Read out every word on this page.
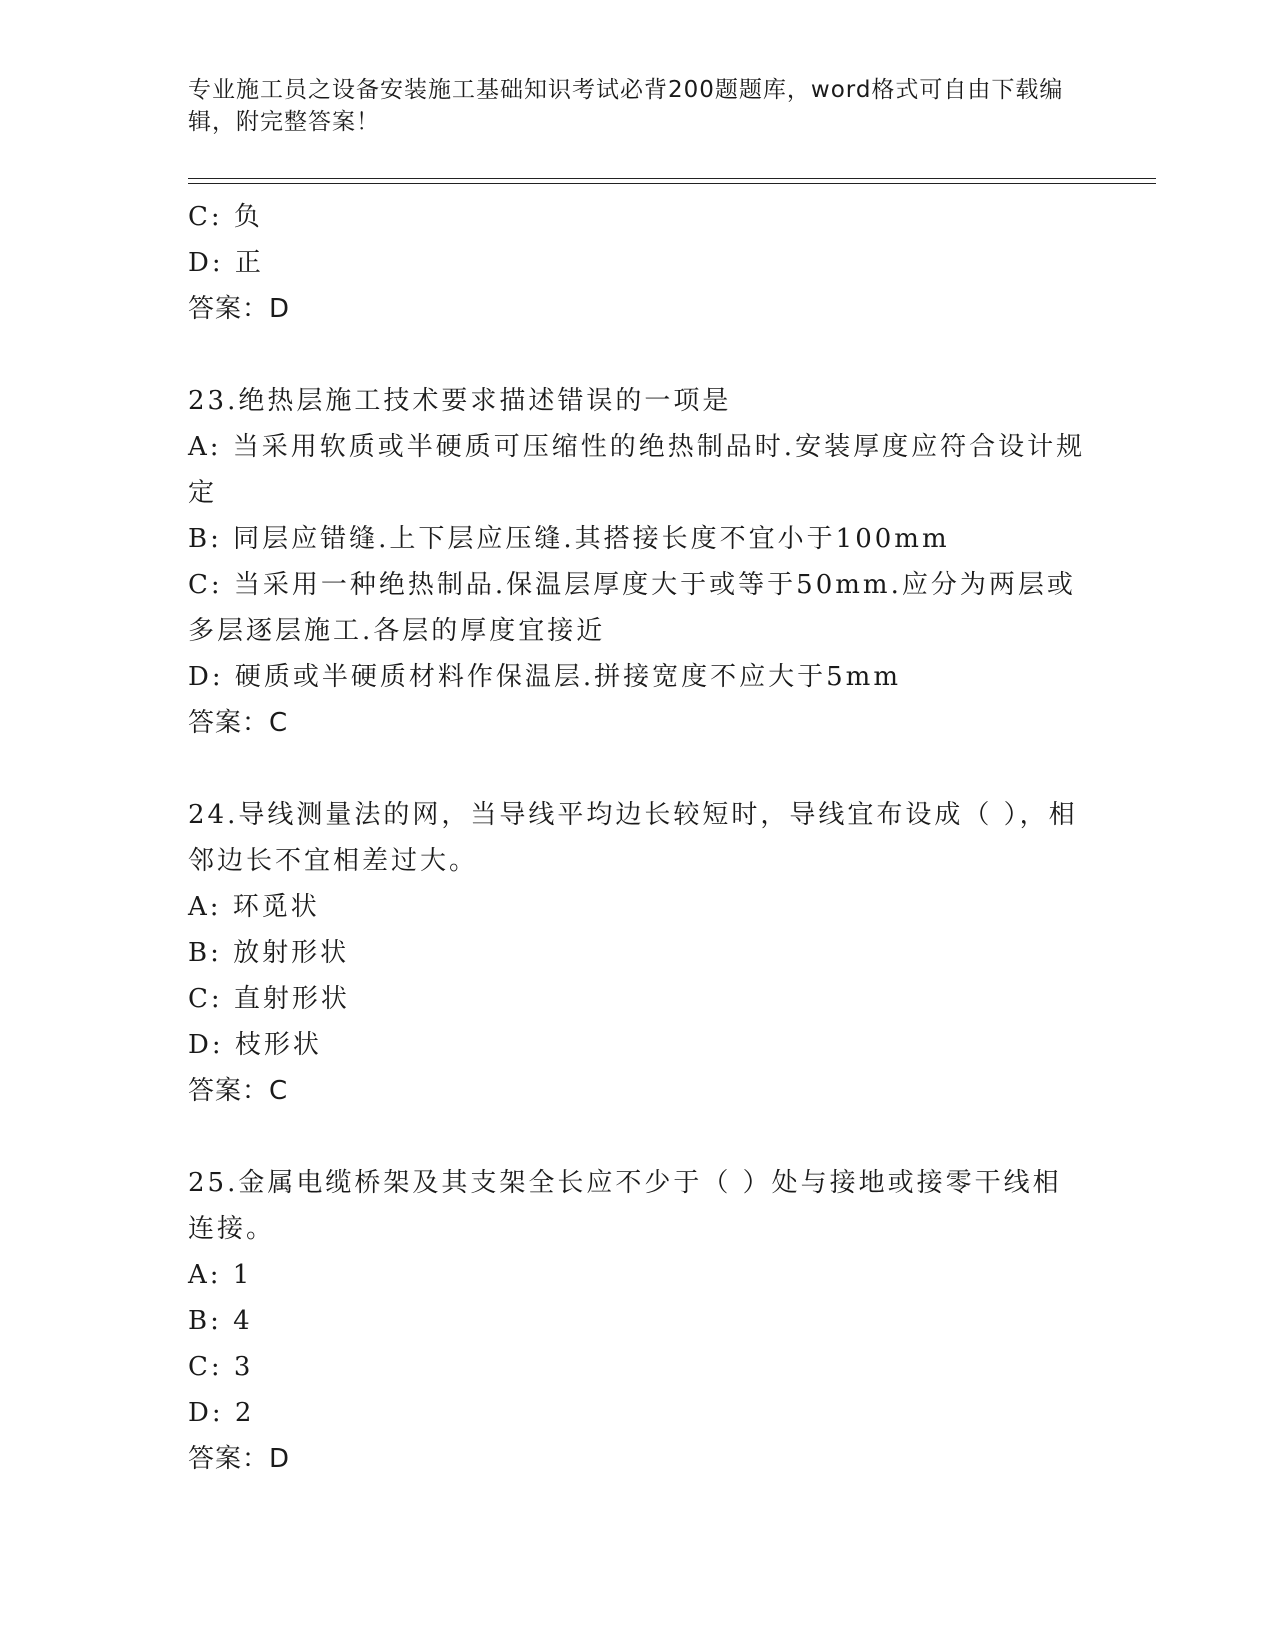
专业施工员之设备安装施工基础知识考试必背200题题库，word格式可自由下载编辑，附完整答案！
C: 负
D: 正
答案：D
23.绝热层施工技术要求描述错误的一项是
A: 当采用软质或半硬质可压缩性的绝热制品时.安装厚度应符合设计规定
B: 同层应错缝.上下层应压缝.其搭接长度不宜小于100mm
C: 当采用一种绝热制品.保温层厚度大于或等于50mm.应分为两层或多层逐层施工.各层的厚度宜接近
D: 硬质或半硬质材料作保温层.拼接宽度不应大于5mm
答案：C
24.导线测量法的网，当导线平均边长较短时，导线宜布设成（ ），相邻边长不宜相差过大。
A: 环觅状
B: 放射形状
C: 直射形状
D: 枝形状
答案：C
25.金属电缆桥架及其支架全长应不少于（ ）处与接地或接零干线相连接。
A: 1
B: 4
C: 3
D: 2
答案：D
